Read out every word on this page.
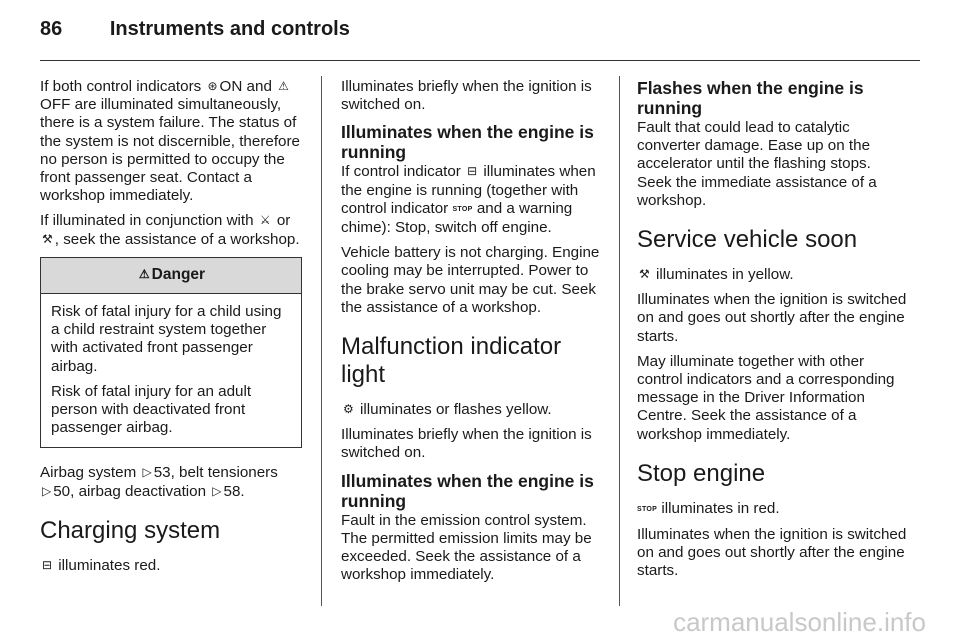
86 Instruments and controls

If both control indicators ⊛ ON and ⚠OFF are illuminated simultaneously, there is a system failure. The status of the system is not discernible, therefore no person is permitted to occupy the front passenger seat. Contact a workshop immediately.

If illuminated in conjunction with ⚔ or ⚒ , seek the assistance of a workshop.

⚠ Danger

Risk of fatal injury for a child using a child restraint system together with activated front passenger airbag.

Risk of fatal injury for an adult person with deactivated front passenger airbag.

Airbag system ▷ 53, belt tensioners
▷ 50, airbag deactivation ▷ 58.

Charging system

⊟ illuminates red.

Illuminates briefly when the ignition is switched on.

Illuminates when the engine is running

If control indicator ⊟ illuminates when the engine is running (together with control indicator STOP and a warning chime): Stop, switch off engine.

Vehicle battery is not charging. Engine cooling may be interrupted. Power to the brake servo unit may be cut. Seek the assistance of a workshop.

Malfunction indicator light

⚙ illuminates or flashes yellow.

Illuminates briefly when the ignition is switched on.

Illuminates when the engine is running

Fault in the emission control system. The permitted emission limits may be exceeded. Seek the assistance of a workshop immediately.

Flashes when the engine is running

Fault that could lead to catalytic converter damage. Ease up on the accelerator until the flashing stops. Seek the immediate assistance of a workshop.

Service vehicle soon

⚒ illuminates in yellow.

Illuminates when the ignition is switched on and goes out shortly after the engine starts.

May illuminate together with other control indicators and a corresponding message in the Driver Information Centre. Seek the assistance of a workshop immediately.

Stop engine

STOP illuminates in red.

Illuminates when the ignition is switched on and goes out shortly after the engine starts.

carmanualsonline.info
